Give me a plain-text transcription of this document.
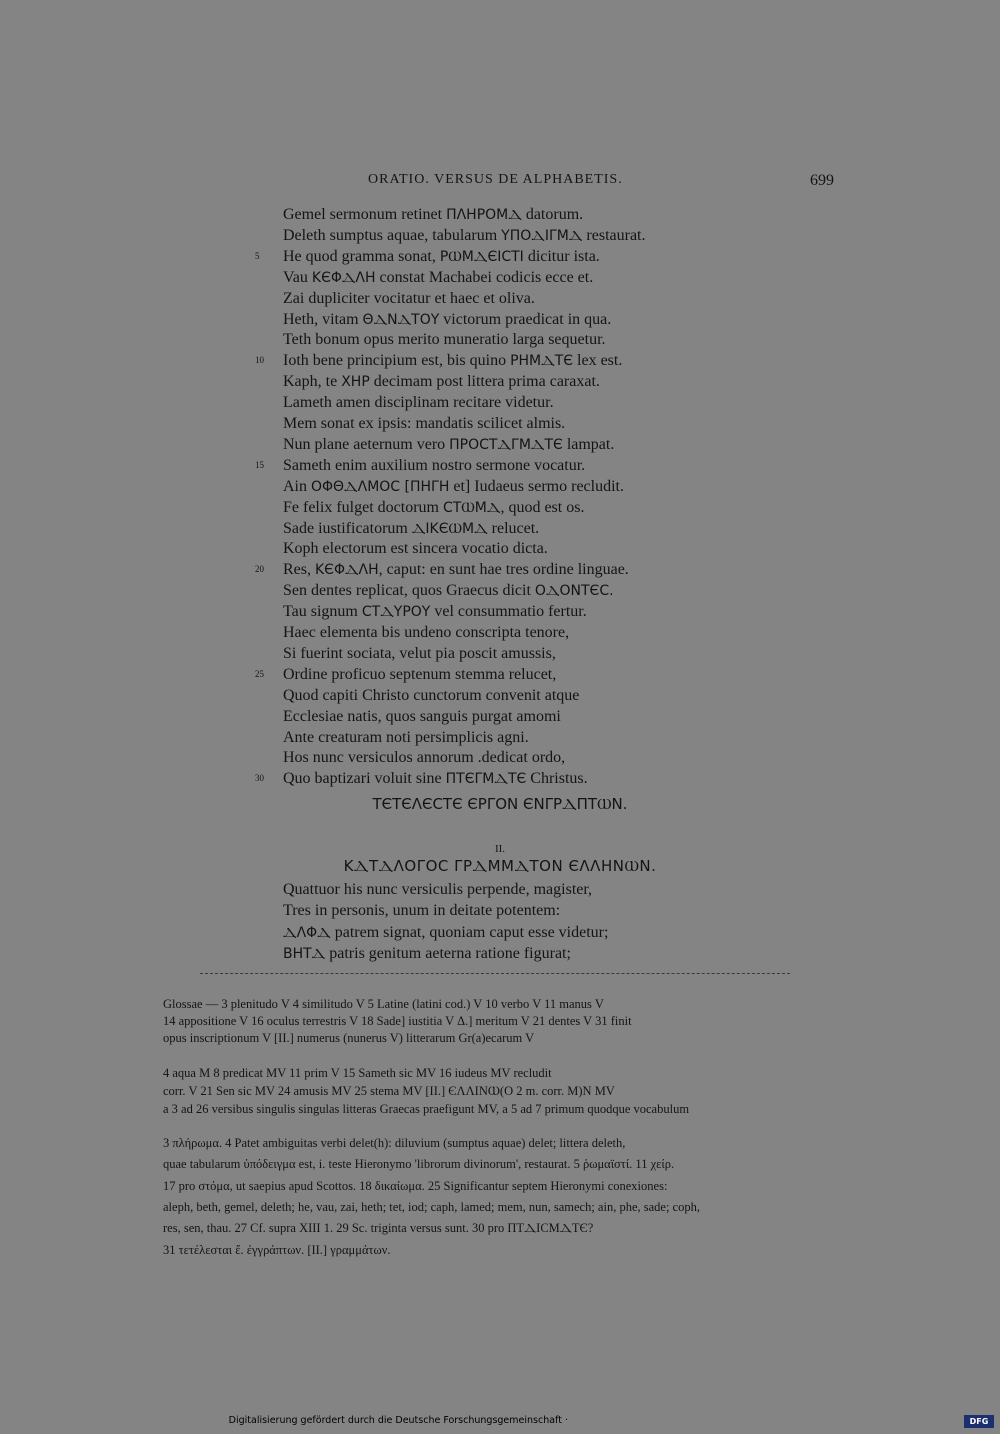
ORATIO. VERSUS DE ALPHABETIS.	699
Gemel sermonum retinet ΠΛΗΡΟΜⲆ datorum.
Deleth sumptus aquae, tabularum ΥΠΟⲆΙΓΜⲆ restaurat.
5 He quod gramma sonat, ΡⲰΜⲆЄΙСΤΙ dicitur ista.
Vau ΚЄΦⲆΛΗ constat Machabei codicis ecce et.
Zai dupliciter vocitatur et haec et oliva.
Heth, vitam ΘⲆΝⲆΤΟΥ victorum praedicat in qua.
Teth bonum opus merito muneratio larga sequetur.
10 Ioth bene principium est, bis quino ΡΗΜⲆΤЄ lex est.
Kaph, te ΧΗΡ decimam post littera prima caraxat.
Lameth amen disciplinam recitare videtur.
Mem sonat ex ipsis: mandatis scilicet almis.
Nun plane aeternum vero ΠΡΟСΤⲆΓΜⲆΤЄ lampat.
15 Sameth enim auxilium nostro sermone vocatur.
Ain ΟΦΘⲆΛΜΟС [ΠΗΓΗ et] Iudaeus sermo recludit.
Fe felix fulget doctorum СΤⲰΜⲆ, quod est os.
Sade iustificatorum ⲆΙΚЄⲰΜⲆ relucet.
Koph electorum est sincera vocatio dicta.
20 Res, ΚЄΦⲆΛΗ, caput: en sunt hae tres ordine linguae.
Sen dentes replicat, quos Graecus dicit ΟⲆΟΝΤЄС.
Tau signum СΤⲆΥΡΟΥ vel consummatio fertur.
Haec elementa bis undeno conscripta tenore,
Si fuerint sociata, velut pia poscit amussis,
25 Ordine proficuo septenum stemma relucet,
Quod capiti Christo cunctorum convenit atque
Ecclesiae natis, quos sanguis purgat amomi
Ante creaturam noti persimplicis agni.
Hos nunc versiculos annorum .dedicat ordo,
30 Quo baptizari voluit sine ΠΤЄΓΜⲆΤЄ Christus.
ΤЄΤЄΛЄСΤЄ ЄΡΓΟΝ ЄΝΓΡⲆΠΤⲰΝ.
II.
ΚⲆΤⲆΛΟΓΟС ΓΡⲆΜΜⲆΤΟΝ ЄΛΛΗΝⲰΝ.
Quattuor his nunc versiculis perpende, magister,
Tres in personis, unum in deitate potentem:
ⲆΛΦⲆ patrem signat, quoniam caput esse videtur;
ΒΗΤⲆ patris genitum aeterna ratione figurat;
Glossae — 3 plenitudo V 4 similitudo V 5 Latine (latini cod.) V 10 verbo V 11 manus V
14 appositione V 16 oculus terrestris V 18 Sade] iustitia V Δ.] meritum V 21 dentes V 31 finit
opus inscriptionum V [II.] numerus (nunerus V) litterarum Gr(a)ecarum V
4 aqua M 8 predicat MV 11 prim V 15 Sameth sic MV 16 iudeus MV recludit
corr. V 21 Sen sic MV 24 amusis MV 25 stema MV [II.] ЄΛΛΙΝⲰ(Ο 2 m. corr. M)Ν MV
a 3 ad 26 versibus singulis singulas litteras Graecas praefigunt MV, a 5 ad 7 primum quodque vocabulum
3 πλήρωμα. 4 Patet ambiguitas verbi delet(h): diluvium (sumptus aquae) delet; littera deleth,
quae tabularum ὑπόδειγμα est, i. teste Hieronymo 'librorum divinorum', restaurat. 5 ῥωμαϊστί. 11 χείρ.
17 pro στόμα, ut saepius apud Scottos. 18 δικαίωμα. 25 Significantur septem Hieronymi conexiones:
aleph, beth, gemel, deleth; he, vau, zai, heth; tet, iod; caph, lamed; mem, nun, samech; ain, phe, sade; coph,
res, sen, thau. 27 Cf. supra XIII 1. 29 Sc. triginta versus sunt. 30 pro ΠΤⲆΙСΜⲆΤЄ?
31 τετέλεσται ἔ. ἐγγράπτων. [II.] γραμμάτων.
Digitalisierung gefördert durch die Deutsche Forschungsgemeinschaft ·	DFG
